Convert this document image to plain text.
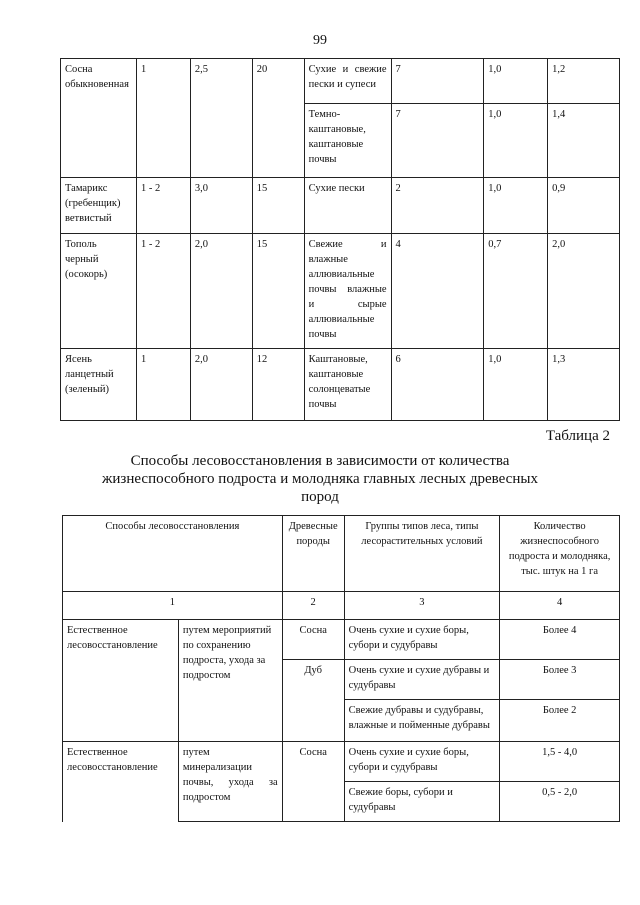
99
Сосна обыкновенная	1	2,5	20	Сухие и свежие пески и супеси	7	1,0	1,2
				Темно-каштановые, каштановые почвы	7	1,0	1,4
Тамарикс (гребенщик) ветвистый	1 - 2	3,0	15	Сухие пески	2	1,0	0,9
Тополь черный (осокорь)	1 - 2	2,0	15	Свежие и влажные аллювиальные почвы влажные и сырые аллювиальные почвы	4	0,7	2,0
Ясень ланцетный (зеленый)	1	2,0	12	Каштановые, каштановые солонцеватые почвы	6	1,0	1,3
Таблица 2
Способы лесовосстановления в зависимости от количества жизнеспособного подроста и молодняка главных лесных древесных пород
Способы лесовосстановления		Древесные породы	Группы типов леса, типы лесорастительных условий	Количество жизнеспособного подроста и молодняка, тыс. штук на 1 га
1		2	3	4
Естественное лесовосстановление	путем мероприятий по сохранению подроста, ухода за подростом	Сосна	Очень сухие и сухие боры, субори и судубравы	Более 4
		Дуб	Очень сухие и сухие дубравы и судубравы	Более 3
			Свежие дубравы и судубравы, влажные и пойменные дубравы	Более 2
Естественное лесовосстановление	путем минерализации почвы, ухода за подростом	Сосна	Очень сухие и сухие боры, субори и судубравы	1,5 - 4,0
			Свежие боры, субори и судубравы	0,5 - 2,0
